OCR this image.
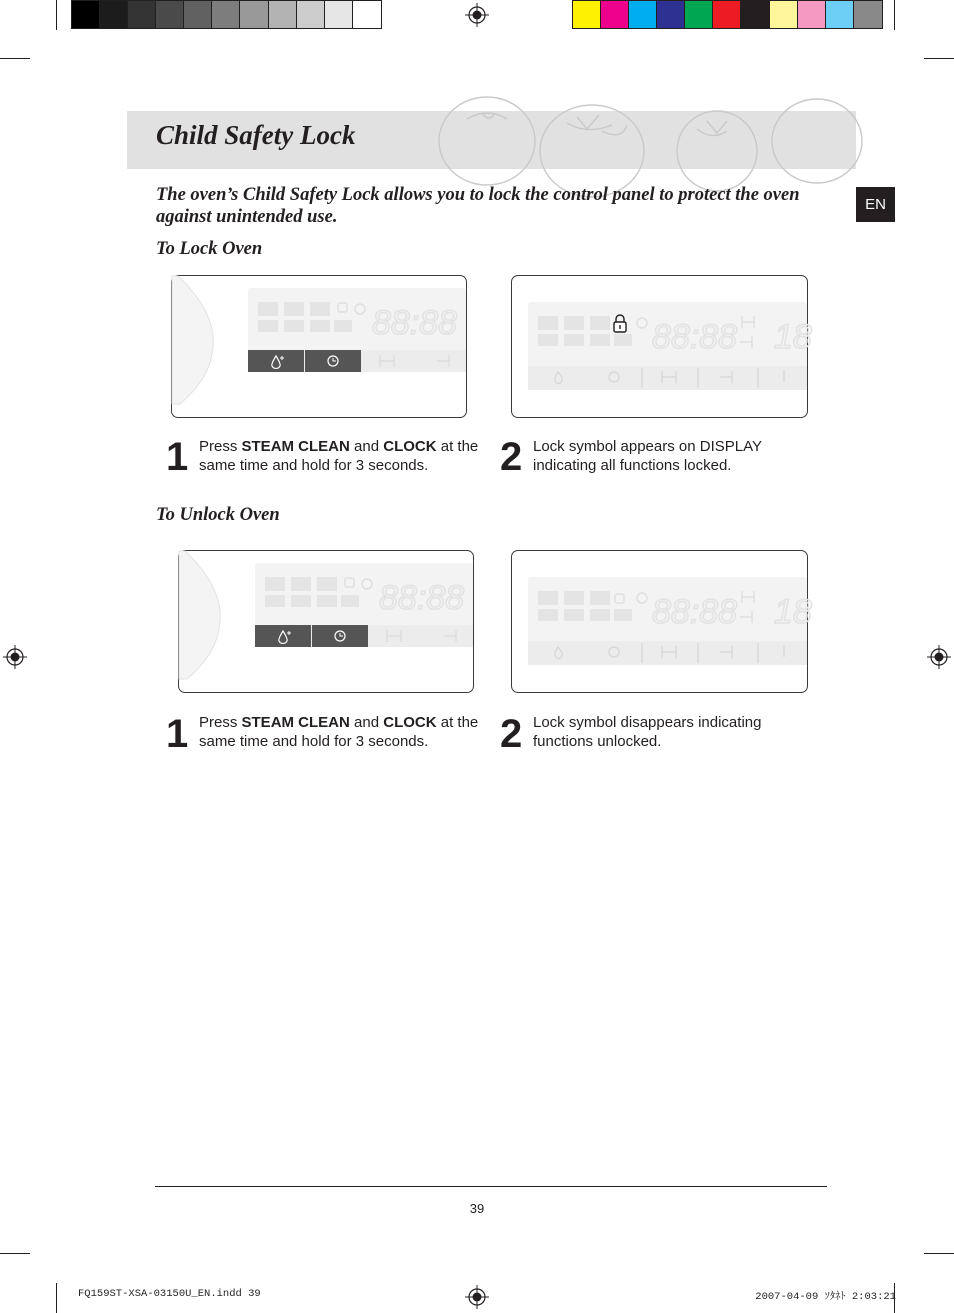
Child Safety Lock
EN
The oven’s Child Safety Lock allows you to lock the control panel to protect the oven against unintended use.
To Lock Oven
88:88	88:88 18
1 Press STEAM CLEAN and CLOCK at the same time and hold for 3 seconds.	2 Lock symbol appears on DISPLAY indicating all functions locked.
To Unlock Oven
88:88	88:88 18
1 Press STEAM CLEAN and CLOCK at the same time and hold for 3 seconds.	2 Lock symbol disappears indicating functions unlocked.
39
FQ159ST-XSA-03150U_EN.indd 39	2007-04-09 ｿﾀﾈﾄ 2:03:21
